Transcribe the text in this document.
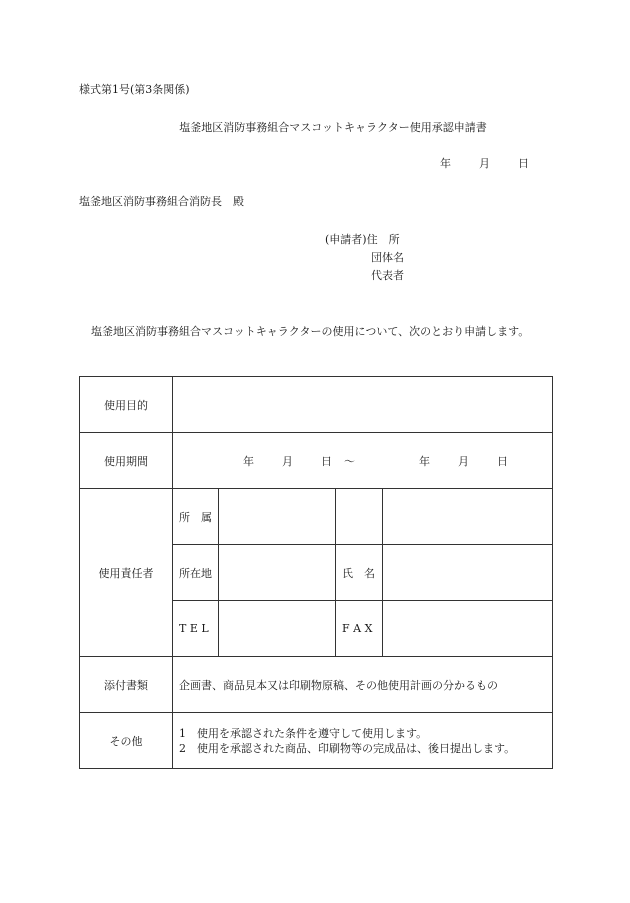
様式第1号(第3条関係)
塩釜地区消防事務組合マスコットキャラクター使用承認申請書
年	月	日
塩釜地区消防事務組合消防長　殿
(申請者)住　所
団体名
代表者
塩釜地区消防事務組合マスコットキャラクターの使用について、次のとおり申請します。
使用目的				
使用期間	年 月 日 ～ 年 月 日			
使用責任者	所　属			
	所在地		氏　名	
	T E L		F A X	
添付書類	企画書、商品見本又は印刷物原稿、その他使用計画の分かるもの			
その他	1　使用を承認された条件を遵守して使用します。
2　使用を承認された商品、印刷物等の完成品は、後日提出します。			
